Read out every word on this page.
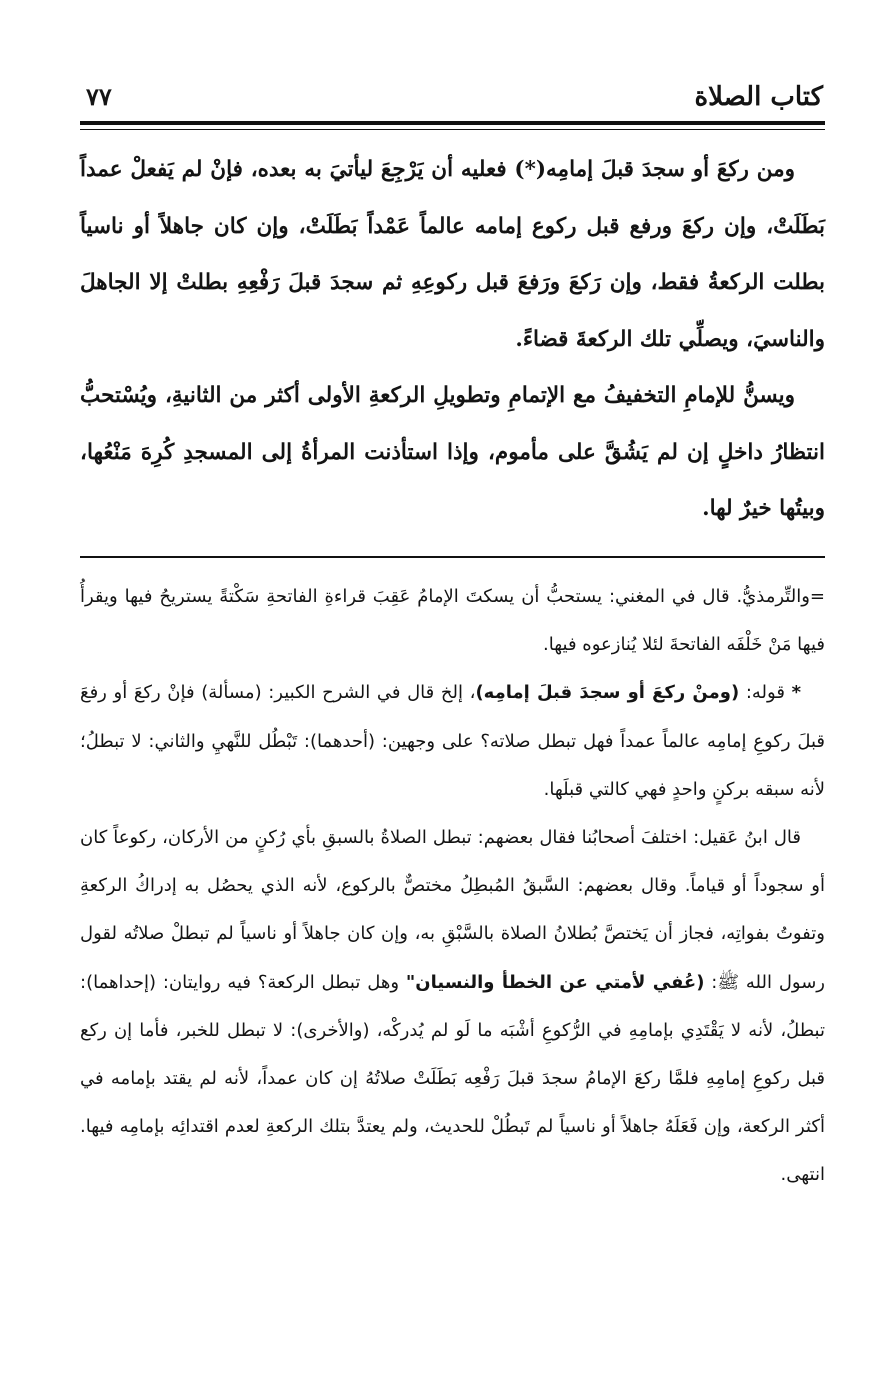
كتاب الصلاة
٧٧

ومن ركعَ أو سجدَ قبلَ إمامِه(*) فعليه أن يَرْجِعَ ليأتيَ به بعده، فإنْ لم يَفعلْ عمداً بَطَلَتْ، وإن ركعَ ورفع قبل ركوع إمامه عالماً عَمْداً بَطَلَتْ، وإن كان جاهلاً أو ناسياً بطلت الركعةُ فقط، وإن رَكعَ ورَفعَ قبل ركوعِهِ ثم سجدَ قبلَ رَفْعِهِ بطلتْ إلا الجاهلَ والناسيَ، ويصلِّي تلك الركعةَ قضاءً.

ويسنُّ للإمامِ التخفيفُ مع الإتمامِ وتطويلِ الركعةِ الأولى أكثر من الثانيةِ، ويُسْتحبُّ انتظارُ داخلٍ إن لم يَشُقَّ على مأموم، وإذا استأذنت المرأةُ إلى المسجدِ كُرِهَ مَنْعُها، وبيتُها خيرٌ لها.

=والتِّرمذيُّ. قال في المغني: يستحبُّ أن يسكتَ الإمامُ عَقِبَ قراءةِ الفاتحةِ سَكْتةً يستريحُ فيها ويقرأُ فيها مَنْ خَلْفَه الفاتحةَ لئلا يُنازعوه فيها.

* قوله: (ومنْ ركعَ أو سجدَ قبلَ إمامِه)، إلخ قال في الشرح الكبير: (مسألة) فإنْ ركعَ أو رفعَ قبلَ ركوعِ إمامِه عالماً عمداً فهل تبطل صلاته؟ على وجهين: (أحدهما): تَبْطُل للنَّهيِ والثاني: لا تبطلُ؛ لأنه سبقه بركنٍ واحدٍ فهي كالتي قبلَها.

قال ابنُ عَقيل: اختلفَ أصحابُنا فقال بعضهم: تبطل الصلاةُ بالسبقِ بأي رُكنٍ من الأركان، ركوعاً كان أو سجوداً أو قياماً. وقال بعضهم: السَّبقُ المُبطِلُ مختصٌّ بالركوع، لأنه الذي يحصُل به إدراكُ الركعةِ وتفوتُ بفواتِه، فجاز أن يَختصَّ بُطلانُ الصلاة بالسَّبْقِ به، وإن كان جاهلاً أو ناسياً لم تبطلْ صلاتُه لقول رسول الله ﷺ: (عُفي لأمتي عن الخطأ والنسيان" وهل تبطل الركعة؟ فيه روايتان: (إحداهما): تبطلُ، لأنه لا يَقْتَدِي بإمامِهِ في الرُّكوعِ أشْبَه ما لَو لم يُدركْه، (والأخرى): لا تبطل للخبر، فأما إن ركع قبل ركوعِ إمامِهِ فلمَّا ركعَ الإمامُ سجدَ قبلَ رَفْعِه بَطَلَتْ صلاتُهُ إن كان عمداً، لأنه لم يقتد بإمامه في أكثر الركعة، وإن فَعَلَهُ جاهلاً أو ناسياً لم تَبطُلْ للحديث، ولم يعتدَّ بتلك الركعةِ لعدم اقتدائِه بإمامِه فيها. انتهى.
